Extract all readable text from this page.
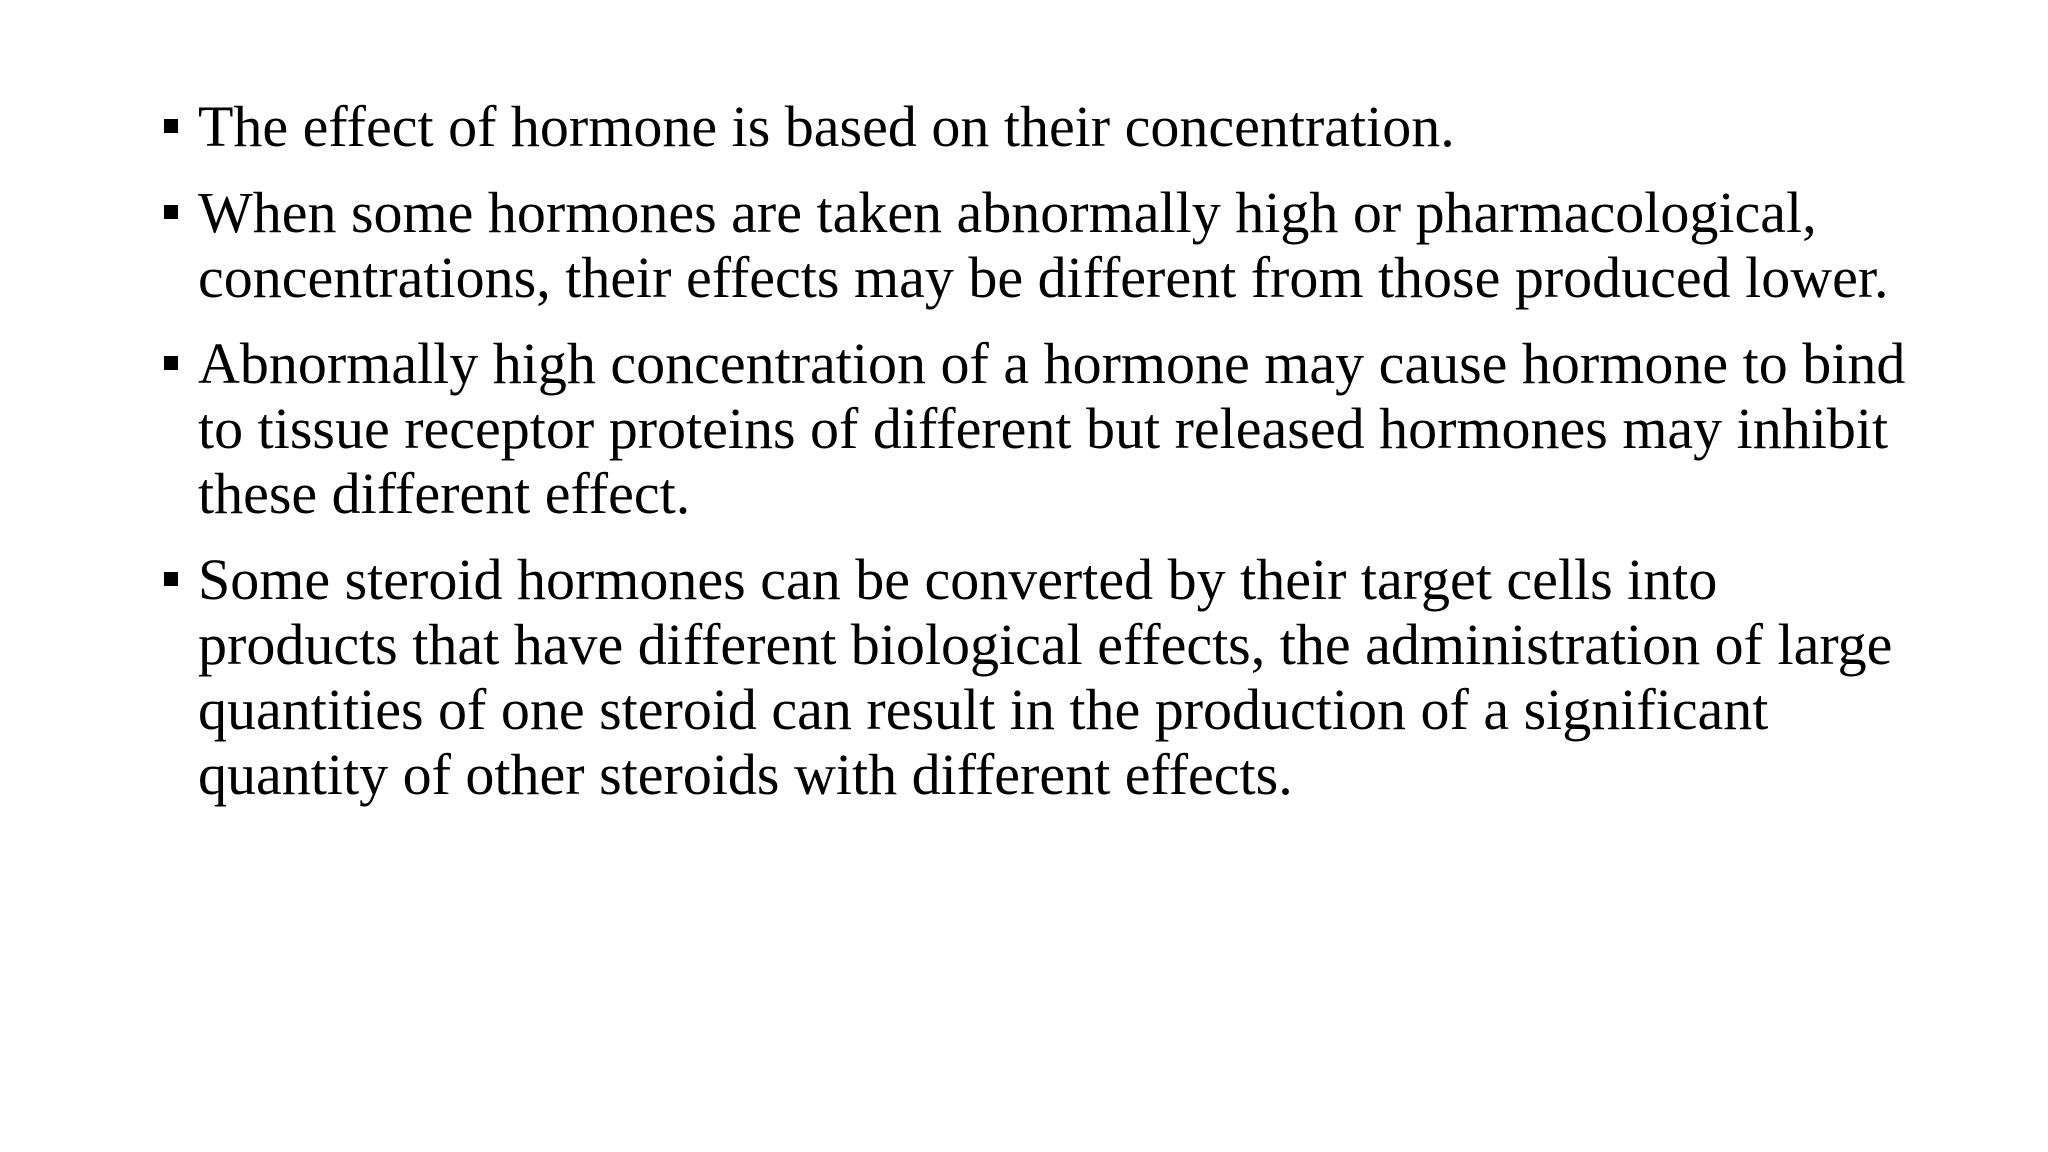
The effect of hormone is based on their concentration.
When some hormones are taken abnormally high or pharmacological, concentrations, their effects may be different from those produced lower.
Abnormally high concentration of a hormone may cause hormone to bind to tissue receptor proteins of different but released hormones may inhibit these different effect.
Some steroid hormones can be converted by their target cells into products that have different biological effects, the administration of large quantities of one steroid can result in the production of a significant quantity of other steroids with different effects.
